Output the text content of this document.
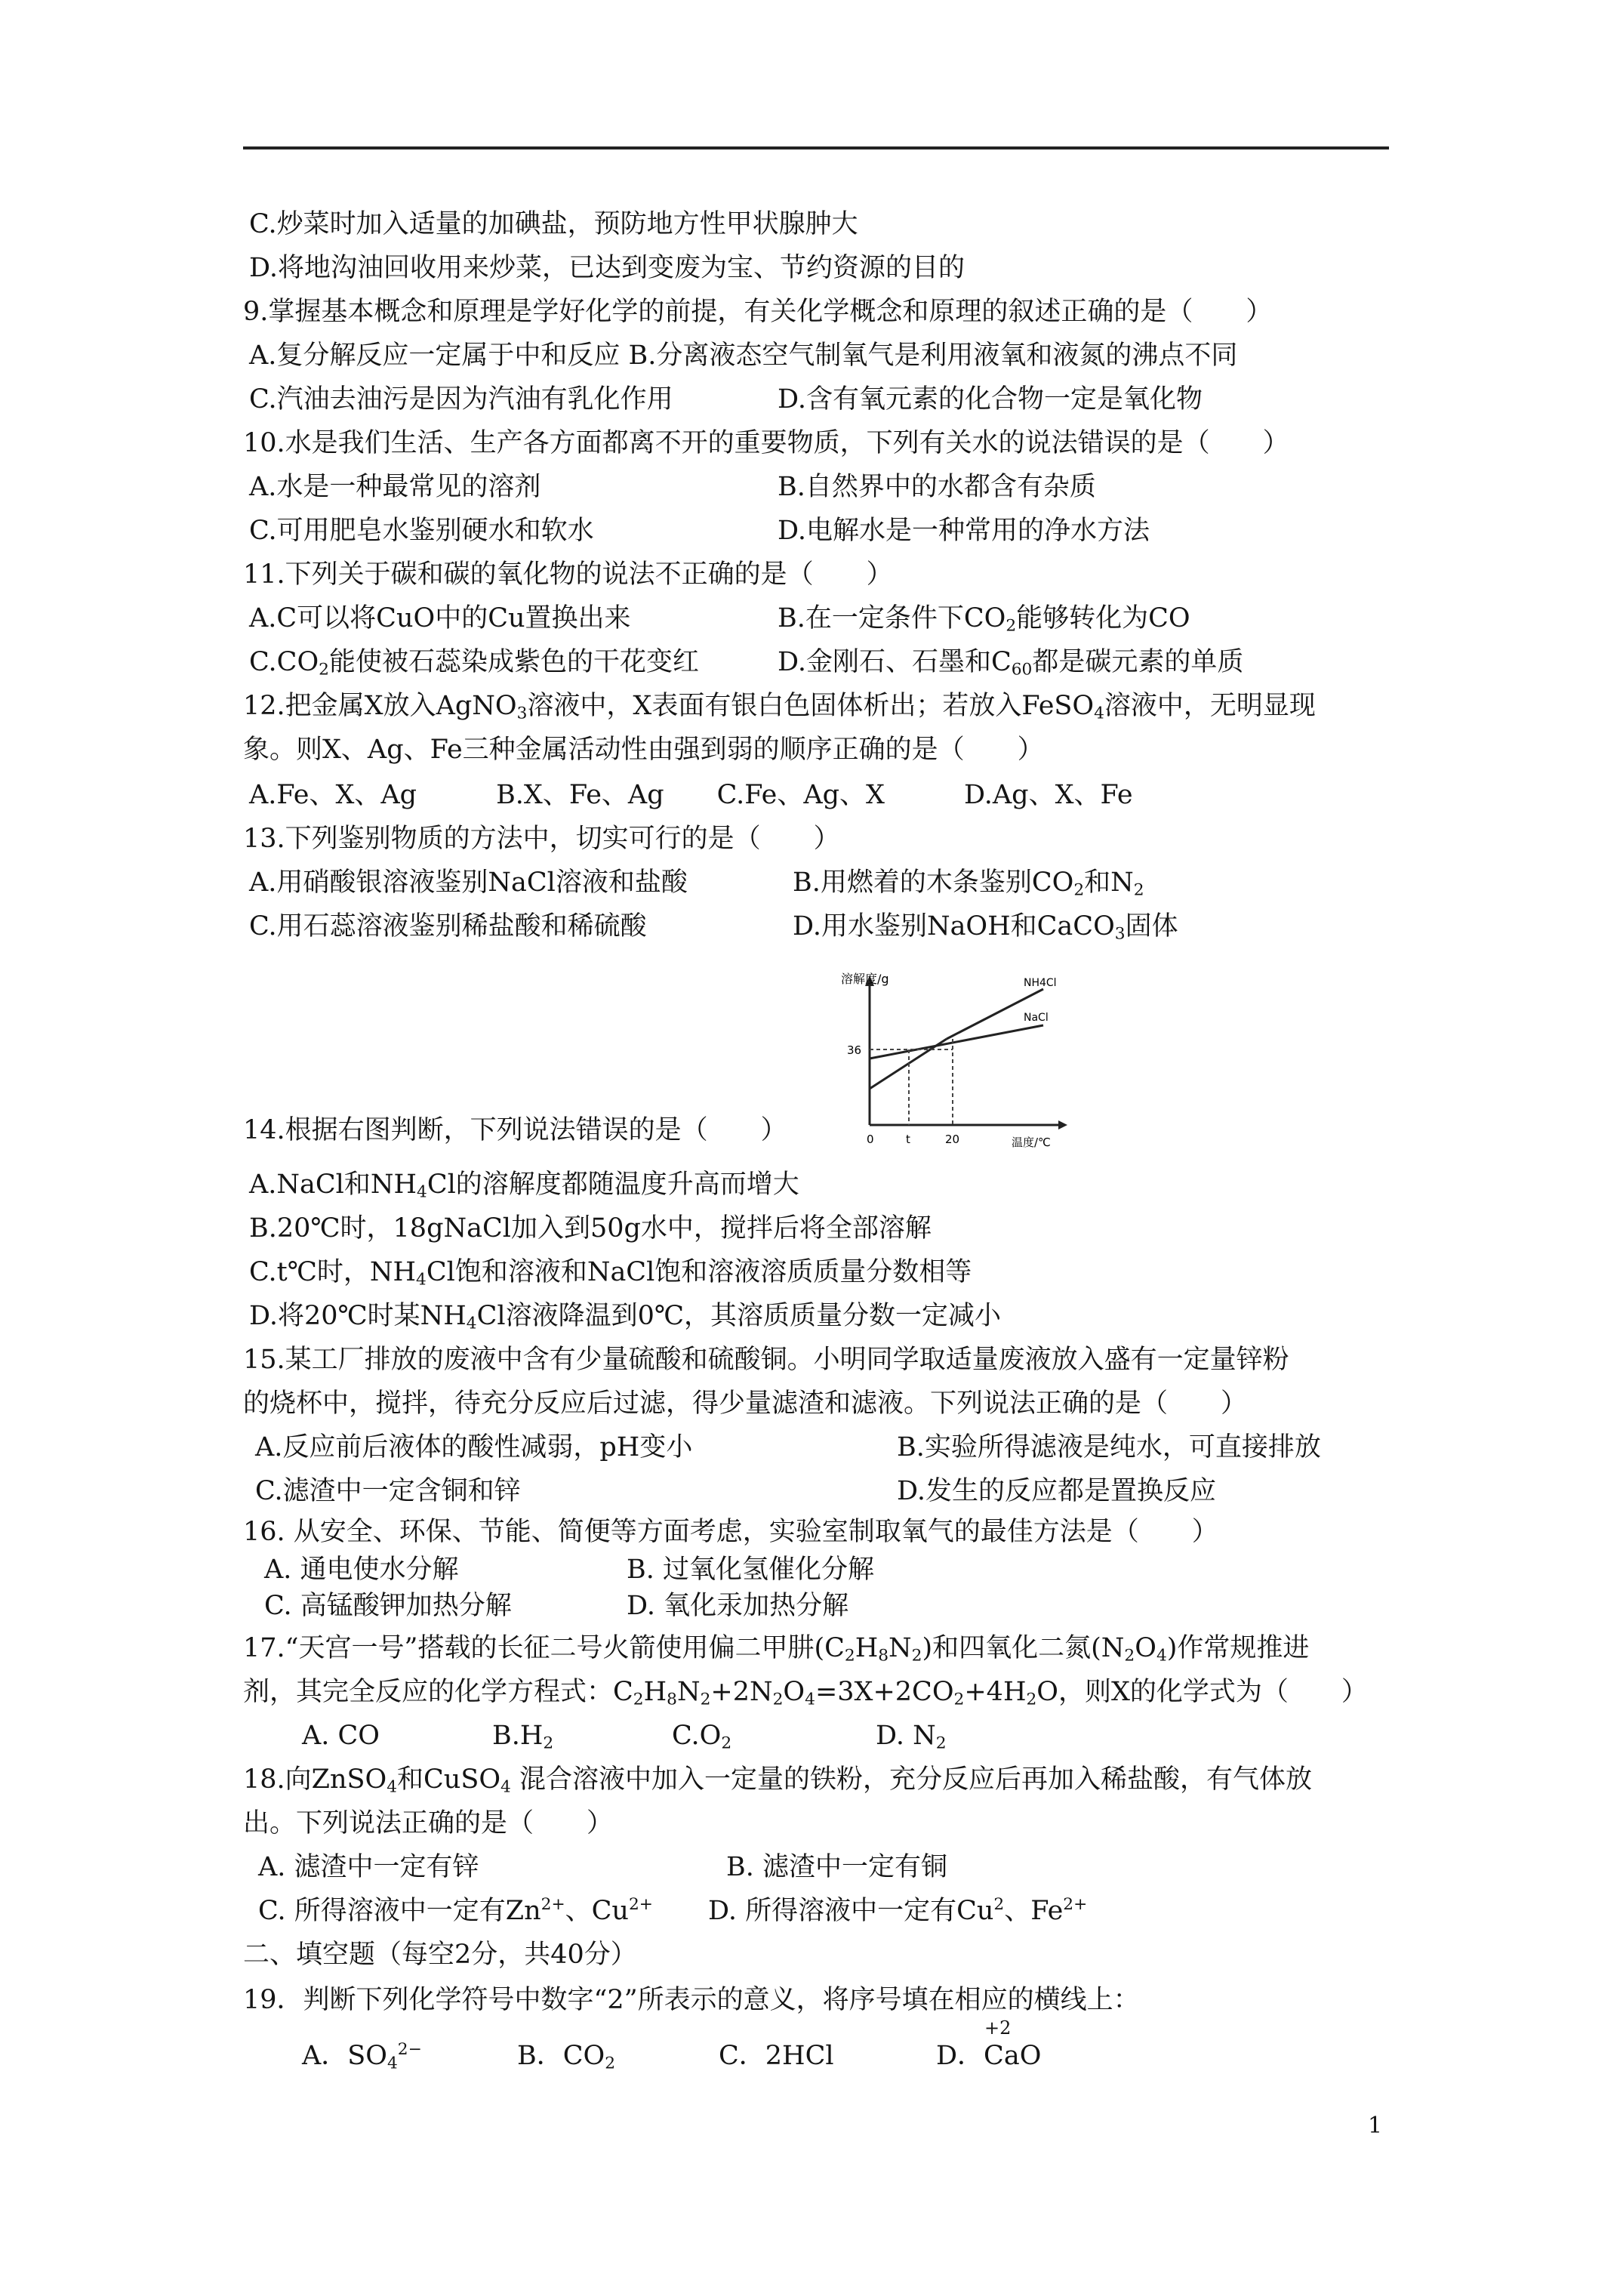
C.炒菜时加入适量的加碘盐，预防地方性甲状腺肿大
D.将地沟油回收用来炒菜，已达到变废为宝、节约资源的目的
9.掌握基本概念和原理是学好化学的前提，有关化学概念和原理的叙述正确的是（　　）
A.复分解反应一定属于中和反应 B.分离液态空气制氧气是利用液氧和液氮的沸点不同
C.汽油去油污是因为汽油有乳化作用	D.含有氧元素的化合物一定是氧化物
10.水是我们生活、生产各方面都离不开的重要物质，下列有关水的说法错误的是（　　）
A.水是一种最常见的溶剂	B.自然界中的水都含有杂质
C.可用肥皂水鉴别硬水和软水	D.电解水是一种常用的净水方法
11.下列关于碳和碳的氧化物的说法不正确的是（　　）
A.C可以将CuO中的Cu置换出来	B.在一定条件下$CO_2$能够转化为CO
$C.CO_2$能使被石蕊染成紫色的干花变红	D.金刚石、石墨和$C_{60}$都是碳元素的单质
12.把金属X放入AgNO$_3$溶液中，X表面有银白色固体析出；若放入FeSO$_4$溶液中，无明显现
象。则X、Ag、Fe三种金属活动性由强到弱的顺序正确的是（　　）
A.Fe、X、Ag　　　B.X、Fe、Ag　　C.Fe、Ag、X　　　D.Ag、X、Fe
13.下列鉴别物质的方法中，切实可行的是（　　）
A.用硝酸银溶液鉴别NaCl溶液和盐酸	B.用燃着的木条鉴别$CO_2$和$N_2$
C.用石蕊溶液鉴别稀盐酸和稀硫酸	D.用水鉴别NaOH和CaCO$_3$固体
溶解度/g	NH4Cl
NaCl
36
0	t	20	温度/℃
14.根据右图判断，下列说法错误的是（　　）
A.NaCl和$NH_4Cl$的溶解度都随温度升高而增大
B.20℃时，18gNaCl加入到50g水中，搅拌后将全部溶解
C.t℃时，$NH_4Cl$饱和溶液和NaCl饱和溶液溶质质量分数相等
D.将20℃时某$NH_4Cl$溶液降温到0℃，其溶质质量分数一定减小
15.某工厂排放的废液中含有少量硫酸和硫酸铜。小明同学取适量废液放入盛有一定量锌粉
的烧杯中，搅拌，待充分反应后过滤，得少量滤渣和滤液。下列说法正确的是（　　）
A.反应前后液体的酸性减弱，pH变小	B.实验所得滤液是纯水，可直接排放
C.滤渣中一定含铜和锌	D.发生的反应都是置换反应
16. 从安全、环保、节能、简便等方面考虑，实验室制取氧气的最佳方法是（　　）
A. 通电使水分解	B. 过氧化氢催化分解
C. 高锰酸钾加热分解	D. 氧化汞加热分解
17.“天宫一号”搭载的长征二号火箭使用偏二甲肼$(C_2H_8N_2)$和四氧化二氮$(N_2O_4)$作常规推进
剂，其完全反应的化学方程式：$C_2H_8N_2+2N_2O_4=3X+2CO_2+4H_2O$，则X的化学式为（　　）
A. CO	$B.H_2$	$C.O_2$	D. $N_2$
18.向ZnSO$_4$和CuSO$_4$ 混合溶液中加入一定量的铁粉，充分反应后再加入稀盐酸，有气体放
出。下列说法正确的是（　　）
A. 滤渣中一定有锌	B. 滤渣中一定有铜
C. 所得溶液中一定有$Zn^{2+}$、$Cu^{2+}$ D. 所得溶液中一定有Cu$^2$、$Fe^{2+}$
二、填空题（每空2分，共40分）
19．判断下列化学符号中数字“2”所表示的意义，将序号填在相应的横线上：
A．$SO_4^{2-}$	B．$CO_2$	C．2HCl	D．CaO
+2
1
